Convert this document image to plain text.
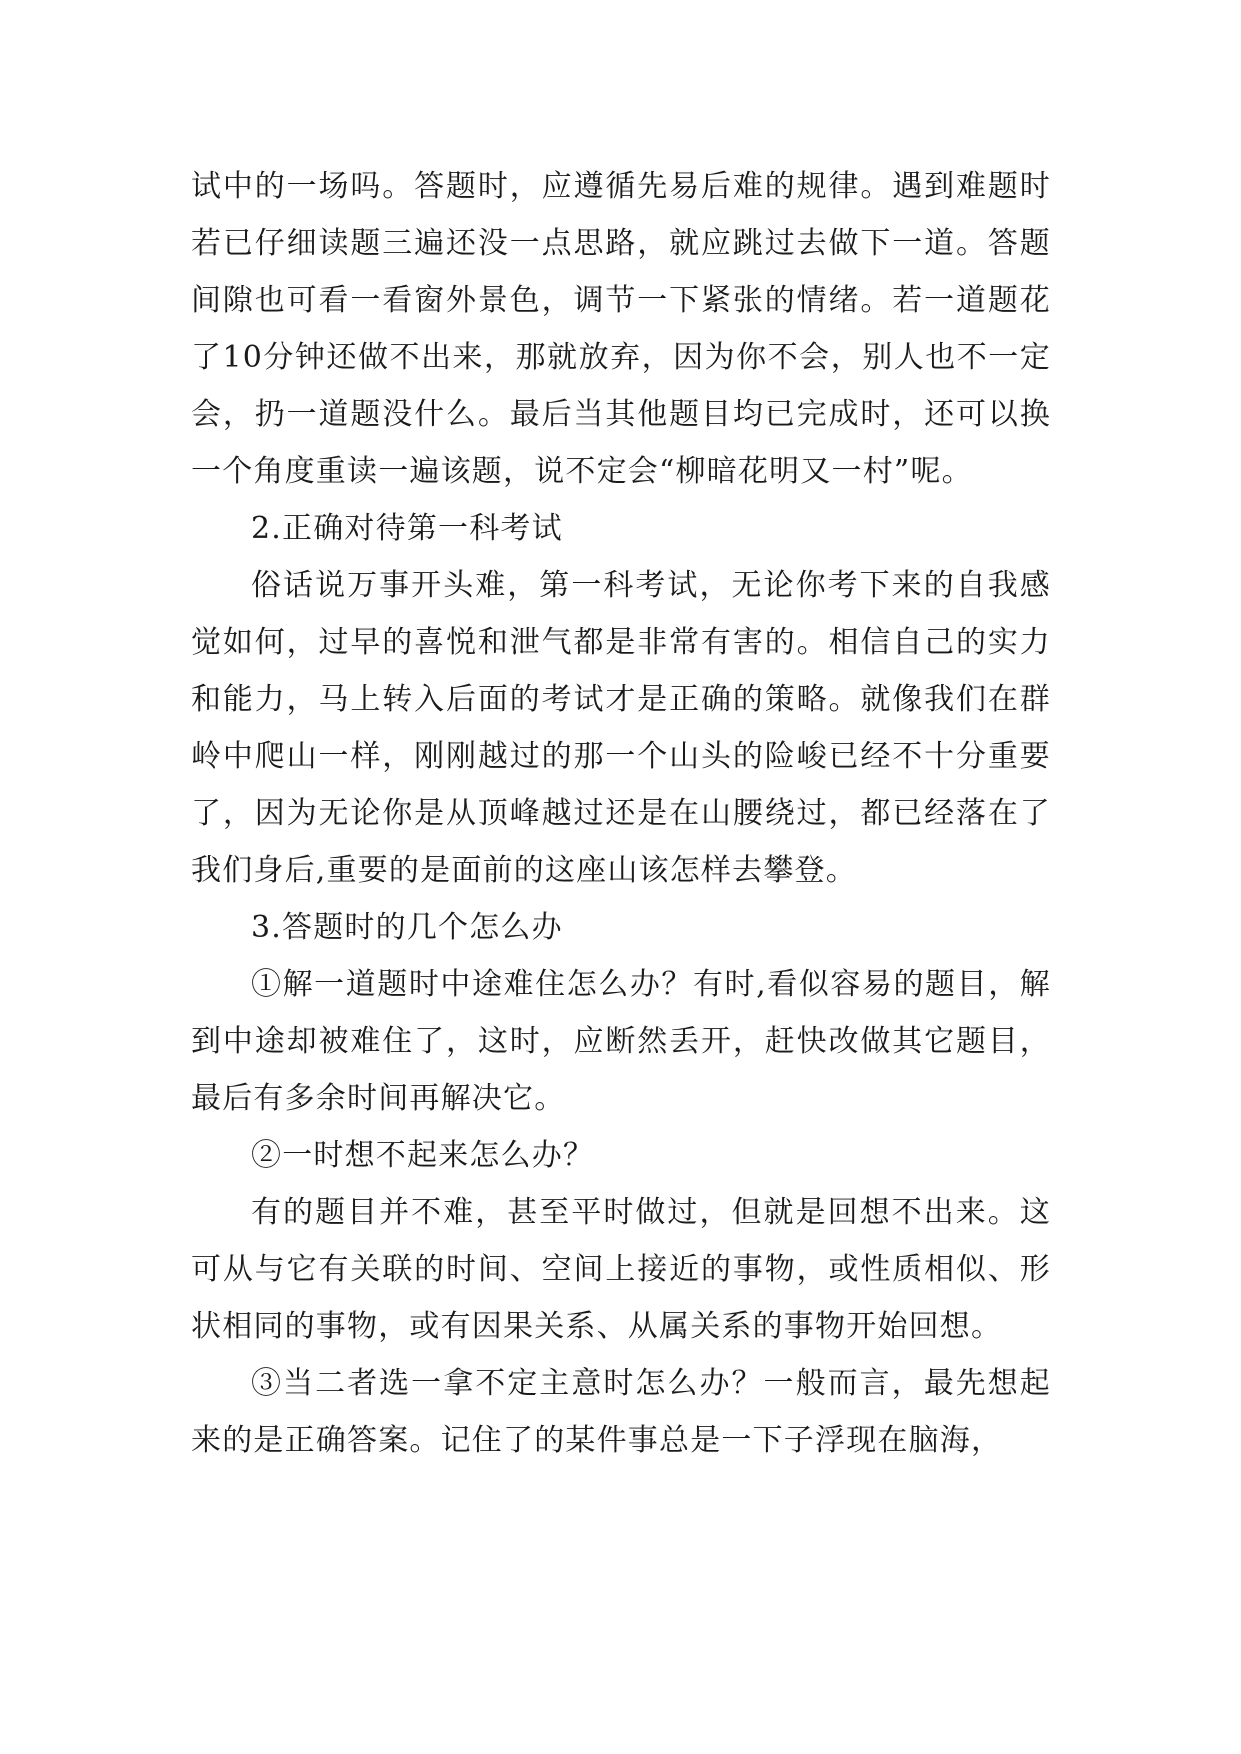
试中的一场吗。答题时，应遵循先易后难的规律。遇到难题时若已仔细读题三遍还没一点思路，就应跳过去做下一道。答题间隙也可看一看窗外景色，调节一下紧张的情绪。若一道题花了10分钟还做不出来，那就放弃，因为你不会，别人也不一定会，扔一道题没什么。最后当其他题目均已完成时，还可以换一个角度重读一遍该题，说不定会“柳暗花明又一村”呢。

2.正确对待第一科考试

俗话说万事开头难，第一科考试，无论你考下来的自我感觉如何，过早的喜悦和泄气都是非常有害的。相信自己的实力和能力，马上转入后面的考试才是正确的策略。就像我们在群岭中爬山一样，刚刚越过的那一个山头的险峻已经不十分重要了，因为无论你是从顶峰越过还是在山腰绕过，都已经落在了我们身后,重要的是面前的这座山该怎样去攀登。

3.答题时的几个怎么办

①解一道题时中途难住怎么办？有时,看似容易的题目，解到中途却被难住了，这时，应断然丢开，赶快改做其它题目，最后有多余时间再解决它。

②一时想不起来怎么办？

有的题目并不难，甚至平时做过，但就是回想不出来。这可从与它有关联的时间、空间上接近的事物，或性质相似、形状相同的事物，或有因果关系、从属关系的事物开始回想。

③当二者选一拿不定主意时怎么办？一般而言，最先想起来的是正确答案。记住了的某件事总是一下子浮现在脑海，
